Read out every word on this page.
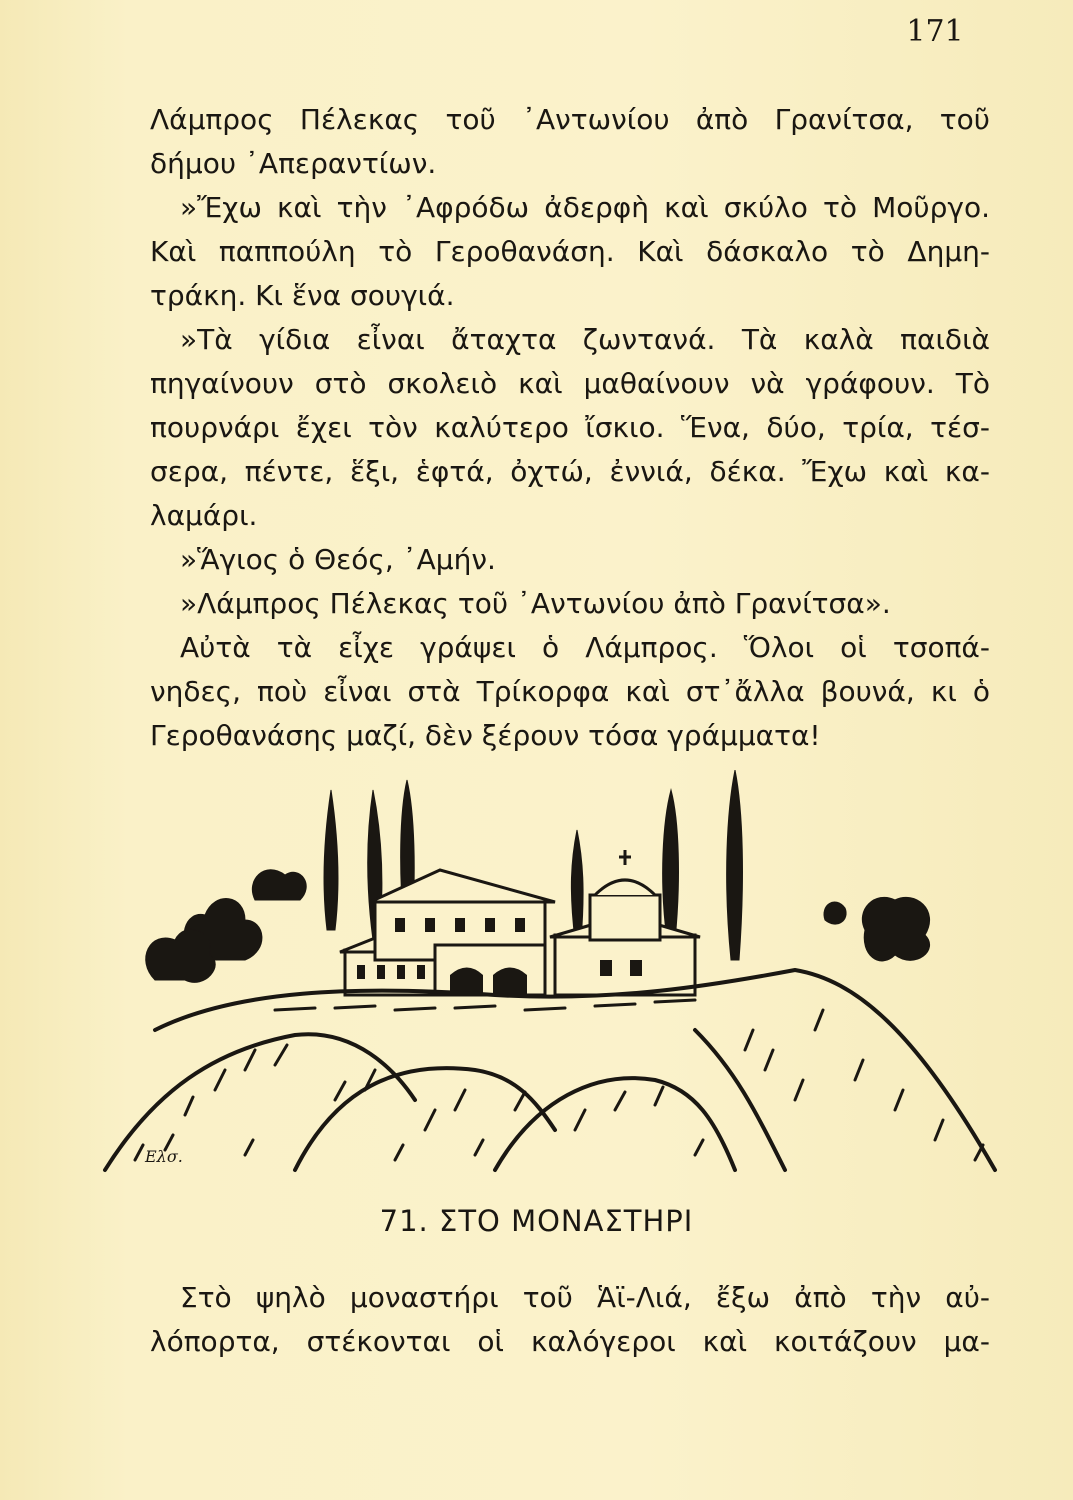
171
Λάμπρος Πέλεκας τοῦ ᾿Αντωνίου ἀπὸ Γρανίτσα, τοῦ
δήμου ᾿Απεραντίων.
»Ἔχω καὶ τὴν ᾿Αφρόδω ἀδερφὴ καὶ σκύλο τὸ Μοῦργο.
Καὶ παππούλη τὸ Γεροθανάση. Καὶ δάσκαλο τὸ Δημη-
τράκη. Κι ἕνα σουγιά.
»Τὰ γίδια εἶναι ἄταχτα ζωντανά. Τὰ καλὰ παιδιὰ
πηγαίνουν στὸ σκολειὸ καὶ μαθαίνουν νὰ γράφουν. Τὸ
πουρνάρι ἔχει τὸν καλύτερο ἴσκιο. Ἕνα, δύο, τρία, τέσ-
σερα, πέντε, ἕξι, ἑφτά, ὀχτώ, ἐννιά, δέκα. Ἔχω καὶ κα-
λαμάρι.
»Ἅγιος ὁ Θεός, ᾿Αμήν.
»Λάμπρος Πέλεκας τοῦ ᾿Αντωνίου ἀπὸ Γρανίτσα».
Αὐτὰ τὰ εἶχε γράψει ὁ Λάμπρος. Ὅλοι οἱ τσοπά-
νηδες, ποὺ εἶναι στὰ Τρίκορφα καὶ στ᾿ἄλλα βουνά, κι ὁ
Γεροθανάσης μαζί, δὲν ξέρουν τόσα γράμματα!
Ελσ.
71. ΣΤΟ ΜΟΝΑΣΤΗΡΙ
Στὸ ψηλὸ μοναστήρι τοῦ Ἁϊ-Λιά, ἔξω ἀπὸ τὴν αὐ-
λόπορτα, στέκονται οἱ καλόγεροι καὶ κοιτάζουν μα-
